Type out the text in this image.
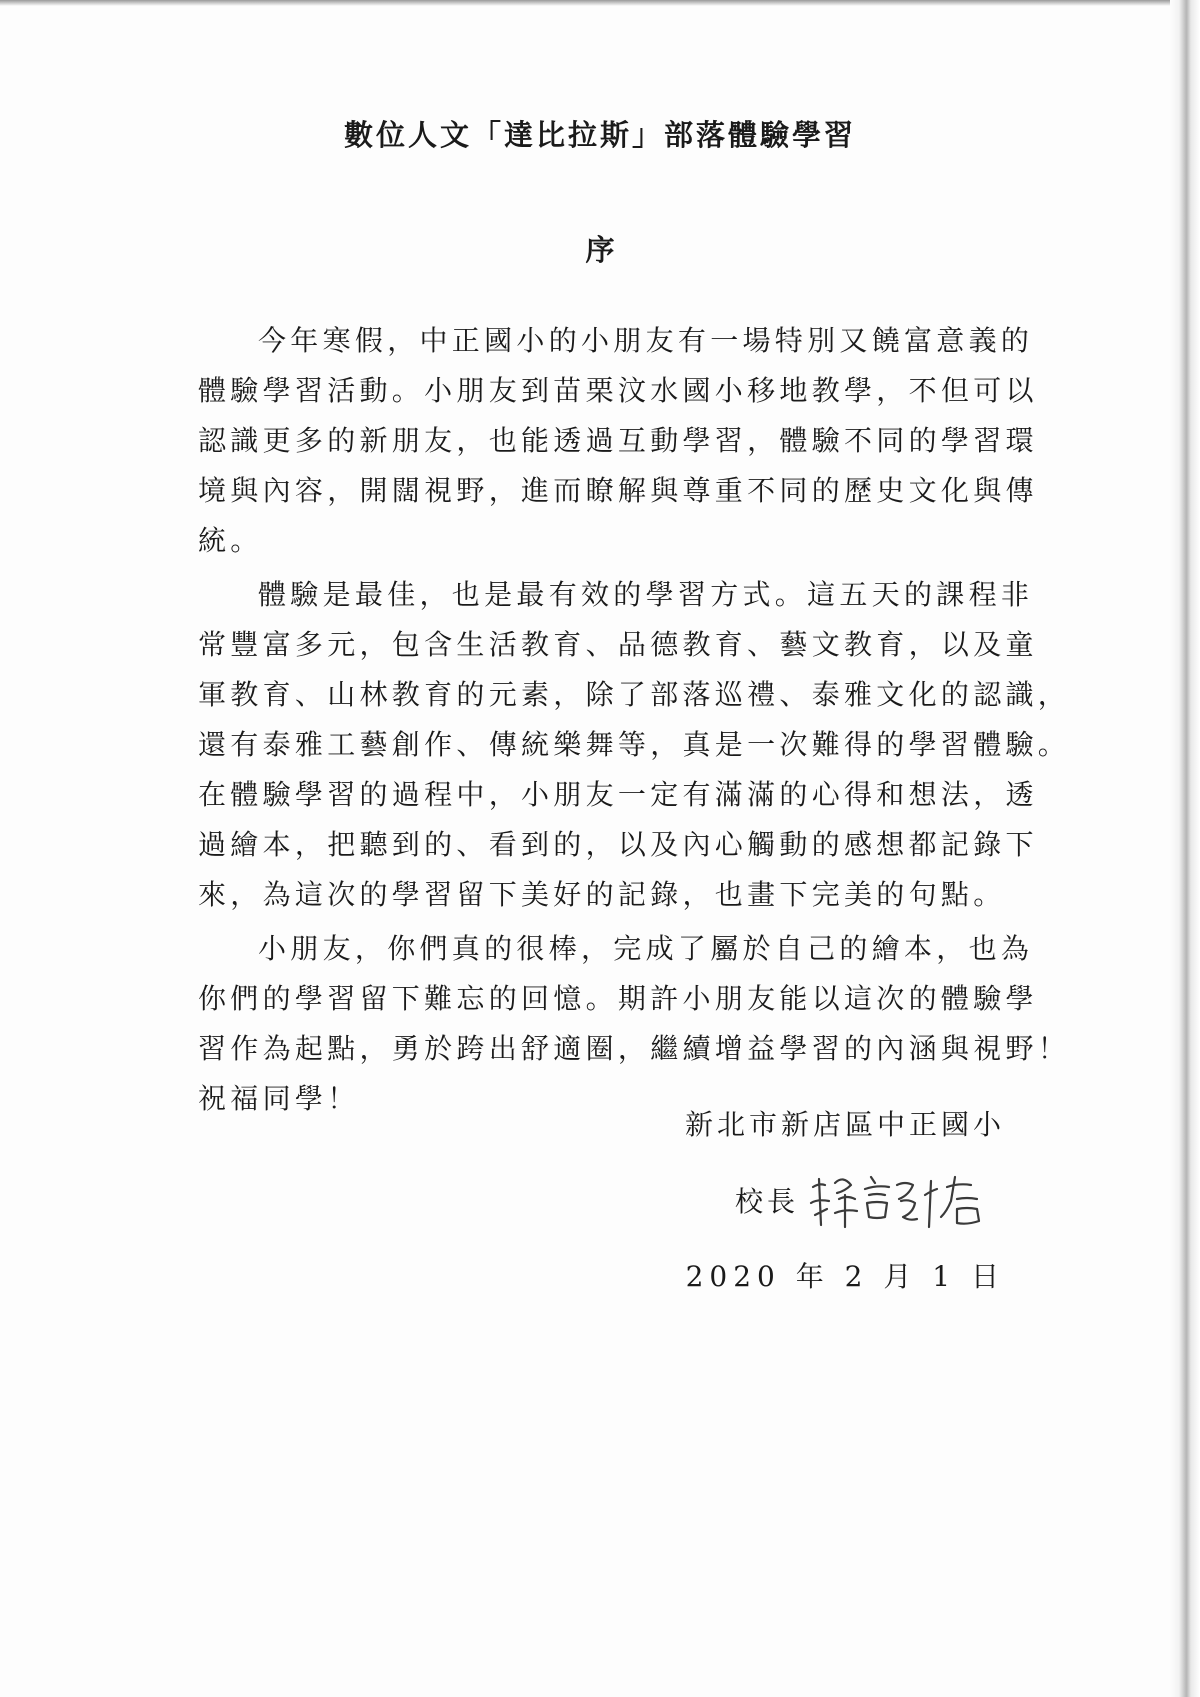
數位人文「達比拉斯」部落體驗學習
序
今年寒假，中正國小的小朋友有一場特別又饒富意義的
體驗學習活動。小朋友到苗栗汶水國小移地教學，不但可以
認識更多的新朋友，也能透過互動學習，體驗不同的學習環
境與內容，開闊視野，進而瞭解與尊重不同的歷史文化與傳
統。
體驗是最佳，也是最有效的學習方式。這五天的課程非
常豐富多元，包含生活教育、品德教育、藝文教育，以及童
軍教育、山林教育的元素，除了部落巡禮、泰雅文化的認識，
還有泰雅工藝創作、傳統樂舞等，真是一次難得的學習體驗。
在體驗學習的過程中，小朋友一定有滿滿的心得和想法，透
過繪本，把聽到的、看到的，以及內心觸動的感想都記錄下
來，為這次的學習留下美好的記錄，也畫下完美的句點。
小朋友，你們真的很棒，完成了屬於自己的繪本，也為
你們的學習留下難忘的回憶。期許小朋友能以這次的體驗學
習作為起點，勇於跨出舒適圈，繼續增益學習的內涵與視野！
祝福同學！
新北市新店區中正國小
校長
2020 年 2 月 1 日
